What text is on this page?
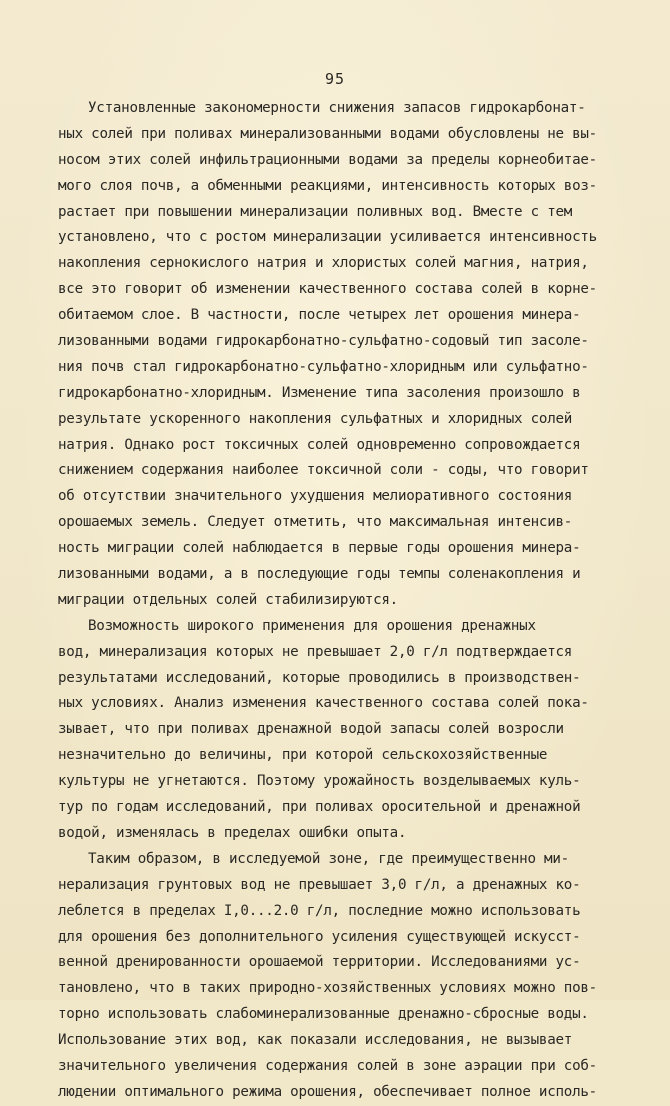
95
Установленные закономерности снижения запасов гидрокарбонат-
ных солей при поливах минерализованными водами обусловлены не вы-
носом этих солей инфильтрационными водами за пределы корнеобитае-
мого слоя почв, а обменными реакциями, интенсивность которых воз-
растает при повышении минерализации поливных вод. Вместе с тем
установлено, что с ростом минерализации усиливается интенсивность
накопления сернокислого натрия и хлористых солей магния, натрия,
все это говорит об изменении качественного состава солей в корне-
обитаемом слое. В частности, после четырех лет орошения минера-
лизованными водами гидрокарбонатно-сульфатно-содовый тип засоле-
ния почв стал гидрокарбонатно-сульфатно-хлоридным или сульфатно-
гидрокарбонатно-хлоридным. Изменение типа засоления произошло в
результате ускоренного накопления сульфатных и хлоридных солей
натрия. Однако рост токсичных солей одновременно сопровождается
снижением содержания наиболее токсичной соли - соды, что говорит
об отсутствии значительного ухудшения мелиоративного состояния
орошаемых земель. Следует отметить, что максимальная интенсив-
ность миграции солей наблюдается в первые годы орошения минера-
лизованными водами, а в последующие годы темпы соленакопления и
миграции отдельных солей стабилизируются.
Возможность широкого применения для орошения дренажных
вод, минерализация которых не превышает 2,0 г/л подтверждается
результатами исследований, которые проводились в производствен-
ных условиях. Анализ изменения качественного состава солей пока-
зывает, что при поливах дренажной водой запасы солей возросли
незначительно до величины, при которой сельскохозяйственные
культуры не угнетаются. Поэтому урожайность возделываемых куль-
тур по годам исследований, при поливах оросительной и дренажной
водой, изменялась в пределах ошибки опыта.
Таким образом, в исследуемой зоне, где преимущественно ми-
нерализация грунтовых вод не превышает 3,0 г/л, а дренажных ко-
леблется в пределах I,0...2.0 г/л, последние можно использовать
для орошения без дополнительного усиления существующей искусст-
венной дренированности орошаемой территории. Исследованиями ус-
тановлено, что в таких природно-хозяйственных условиях можно пов-
торно использовать слабоминерализованные дренажно-сбросные воды.
Использование этих вод, как показали исследования, не вызывает
значительного увеличения содержания солей в зоне аэрации при соб-
людении оптимального режима орошения, обеспечивает полное исполь-
